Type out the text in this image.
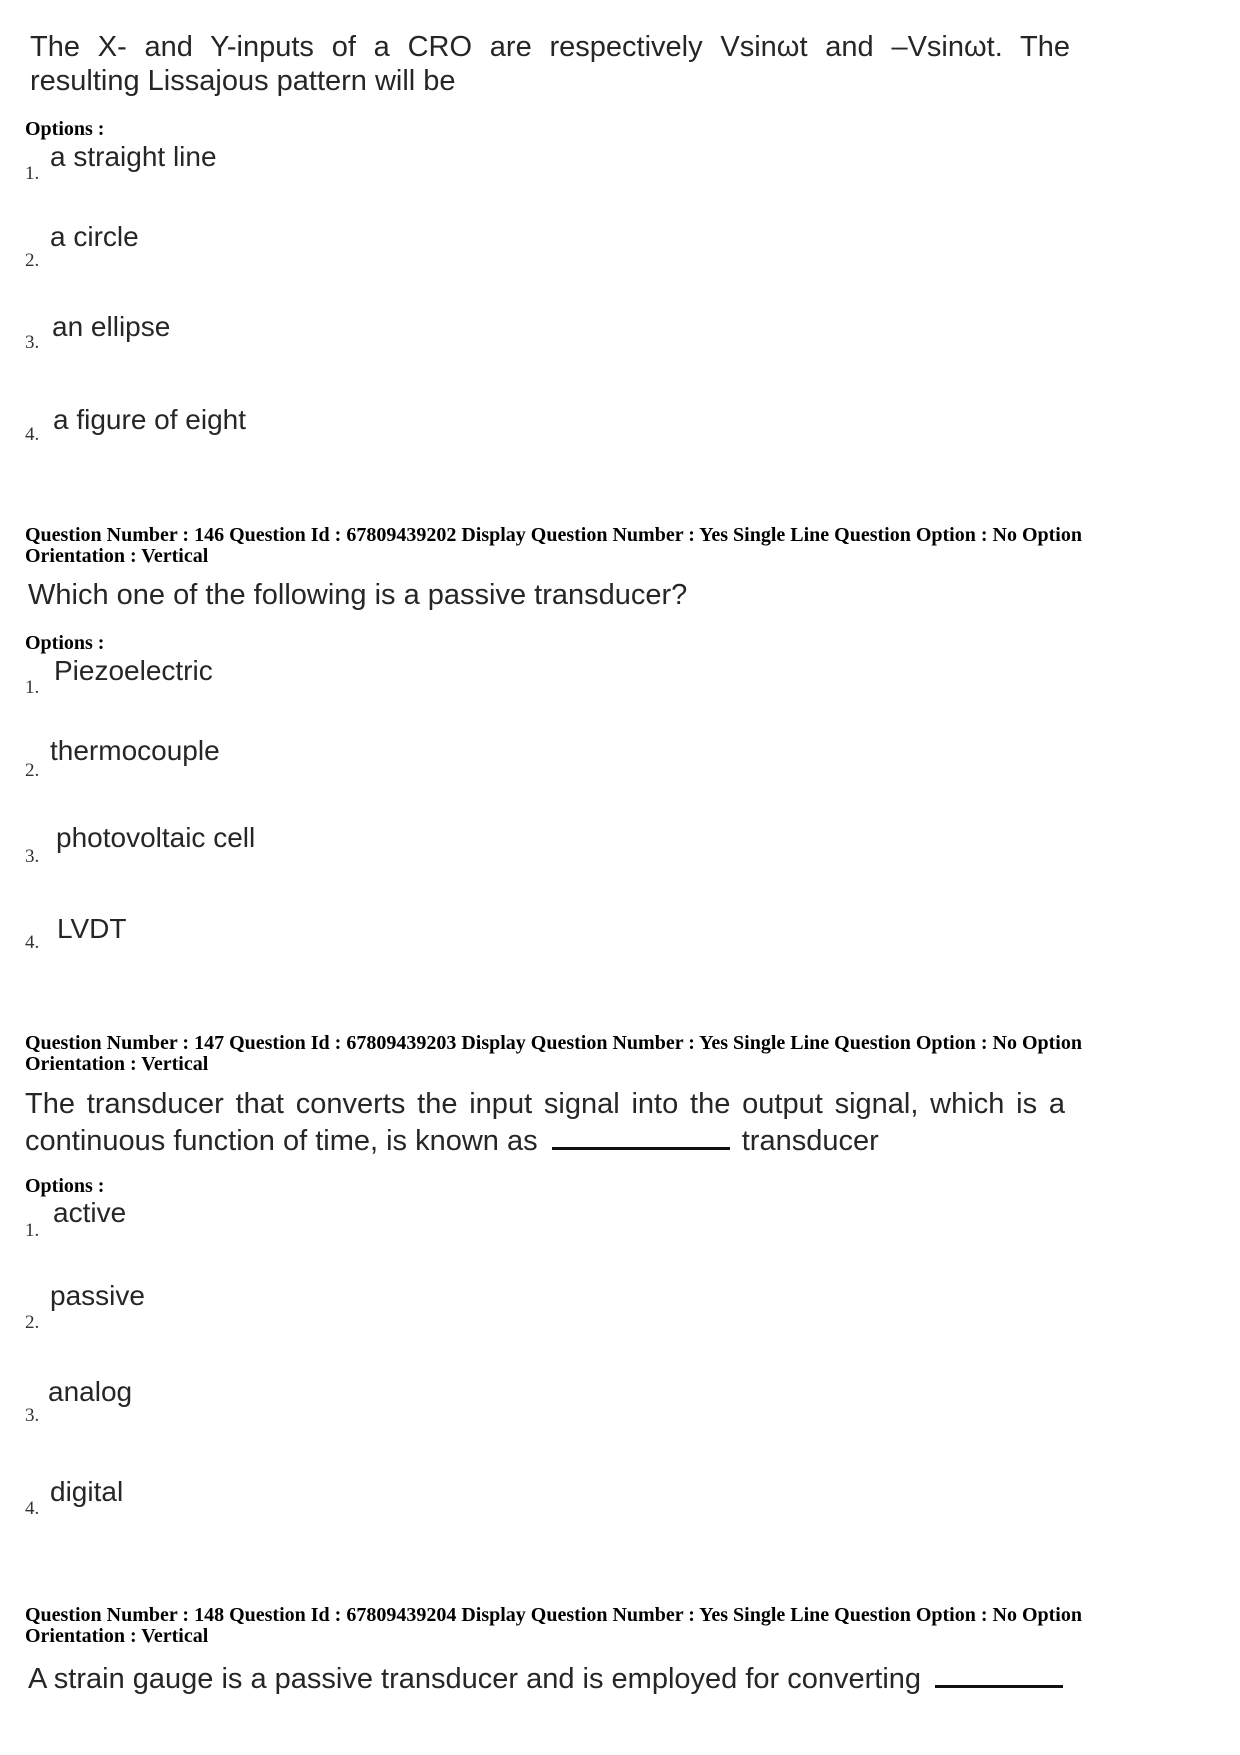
The X- and Y-inputs of a CRO are respectively Vsinωt and –Vsinωt. The
resulting Lissajous pattern will be
Options :
1.
a straight line
2.
a circle
3.
an ellipse
4. a figure of eight
Question Number : 146 Question Id : 67809439202 Display Question Number : Yes Single Line Question Option : No Option
Orientation : Vertical
Which one of the following is a passive transducer?
Options :
1.
Piezoelectric
2.
thermocouple
3.
photovoltaic cell
4. LVDT
Question Number : 147 Question Id : 67809439203 Display Question Number : Yes Single Line Question Option : No Option
Orientation : Vertical
The transducer that converts the input signal into the output signal, which is a
continuous function of time, is known as	transducer
Options :
1.
active
2.
passive
3.
analog
4.
digital
Question Number : 148 Question Id : 67809439204 Display Question Number : Yes Single Line Question Option : No Option
Orientation : Vertical
A strain gauge is a passive transducer and is employed for converting
